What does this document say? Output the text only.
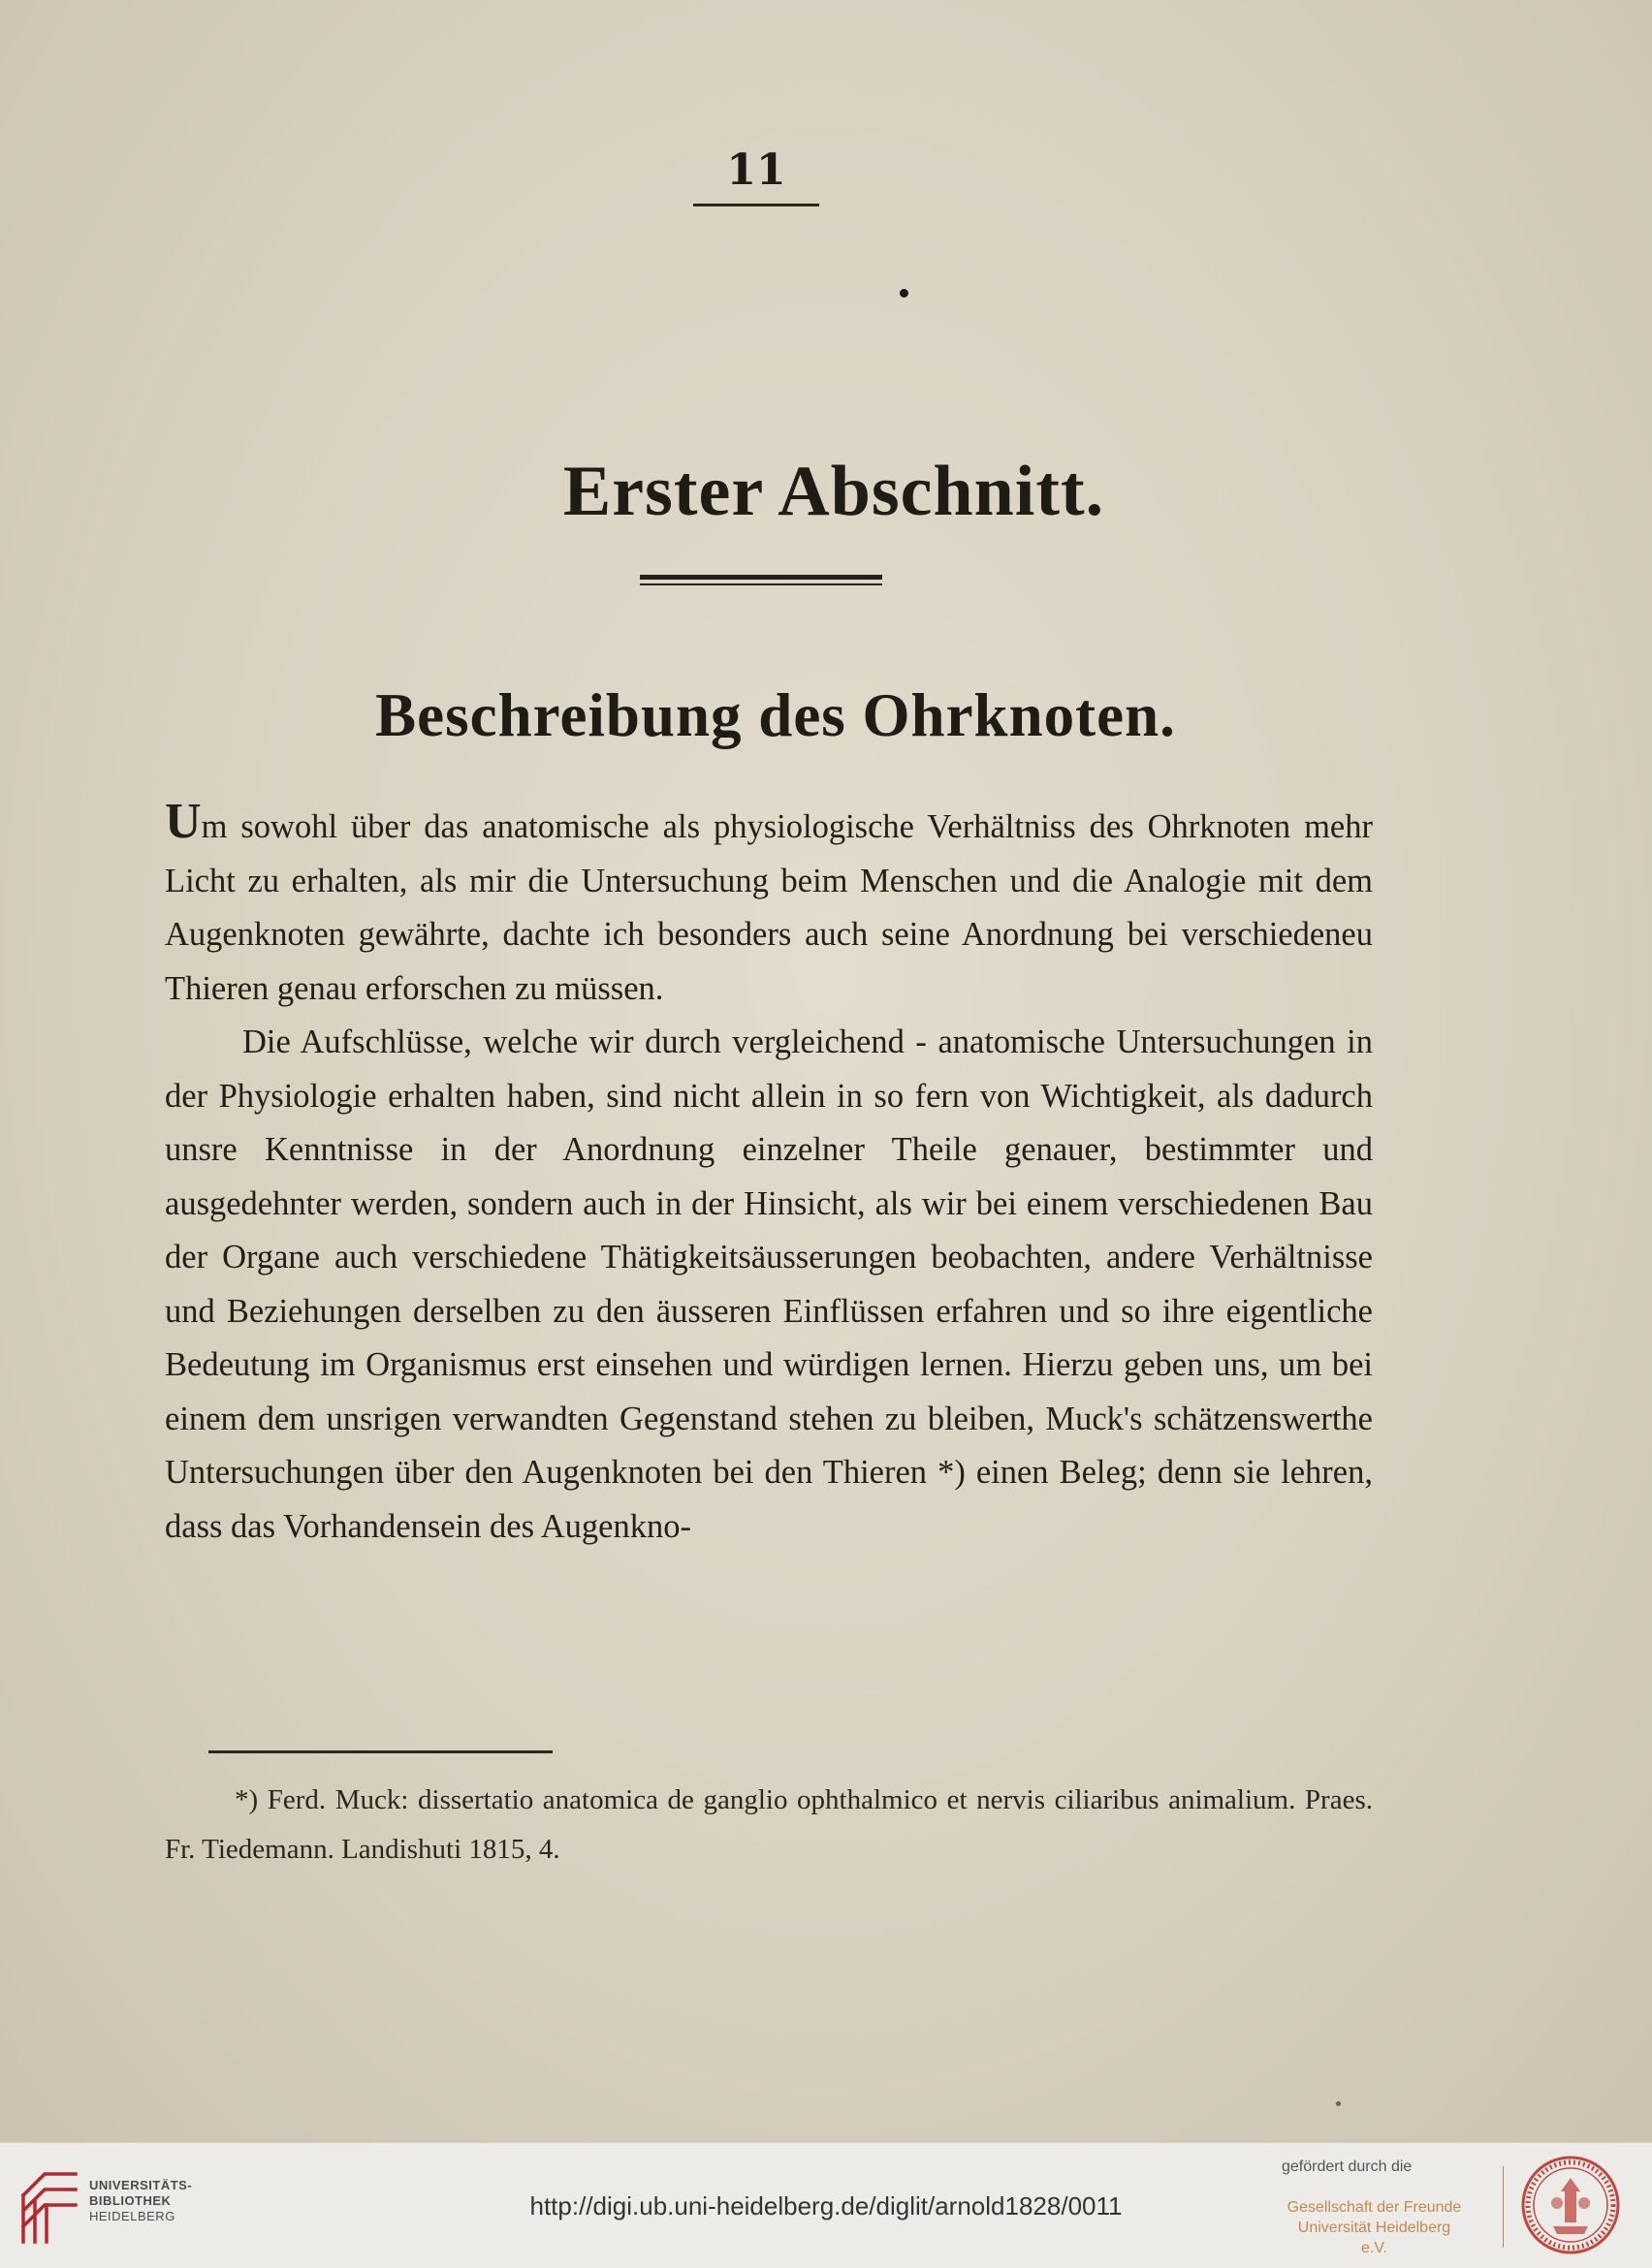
11
Erster Abschnitt.
Beschreibung des Ohrknoten.

Um sowohl über das anatomische als physiologische Verhältniss des Ohrknoten mehr Licht zu erhalten, als mir die Untersuchung beim Menschen und die Analogie mit dem Augenknoten gewährte, dachte ich besonders auch seine Anordnung bei verschiedeneu Thieren genau erforschen zu müssen.

Die Aufschlüsse, welche wir durch vergleichend - anatomische Untersuchungen in der Physiologie erhalten haben, sind nicht allein in so fern von Wichtigkeit, als dadurch unsre Kenntnisse in der Anordnung einzelner Theile genauer, bestimmter und ausgedehnter werden, sondern auch in der Hinsicht, als wir bei einem verschiedenen Bau der Organe auch verschiedene Thätigkeitsäusserungen beobachten, andere Verhältnisse und Beziehungen derselben zu den äusseren Einflüssen erfahren und so ihre eigentliche Bedeutung im Organismus erst einsehen und würdigen lernen. Hierzu geben uns, um bei einem dem unsrigen verwandten Gegenstand stehen zu bleiben, Muck's schätzenswerthe Untersuchungen über den Augenknoten bei den Thieren *) einen Beleg; denn sie lehren, dass das Vorhandensein des Augenkno-

*) Ferd. Muck: dissertatio anatomica de ganglio ophthalmico et nervis ciliaribus animalium. Praes. Fr. Tiedemann. Landishuti 1815, 4.
UNIVERSITÄTS-
BIBLIOTHEK
HEIDELBERG	http://digi.ub.uni-heidelberg.de/diglit/arnold1828/0011
gefördert durch die
Gesellschaft der Freunde
Universität Heidelberg e.V.
